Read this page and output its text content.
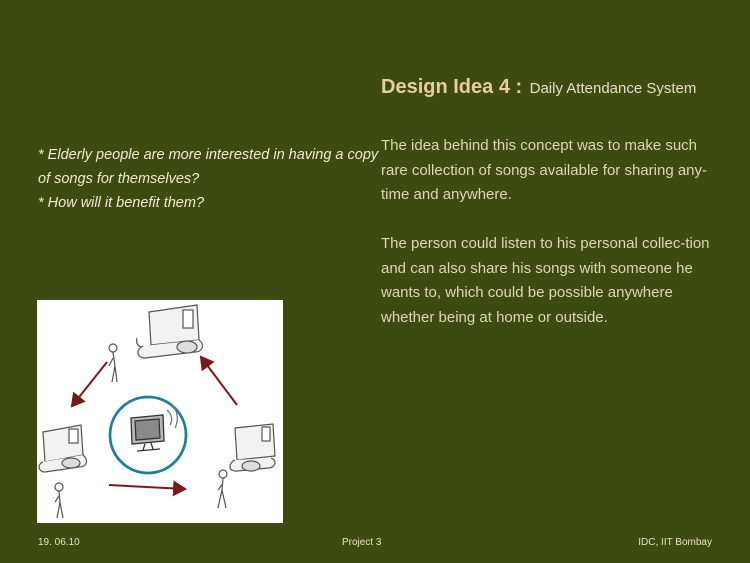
Design Idea 4 : Daily Attendance System
The idea behind this concept was to make such rare collection of songs available for sharing any-time and anywhere.
The person could listen to his personal collec-tion and can also share his songs with someone he wants to, which could be possible anywhere whether being at home or outside.
* Elderly people are more interested in having a copy
of songs for themselves?
* How will it benefit them?
19. 06.10	Project 3	IDC, IIT Bombay
